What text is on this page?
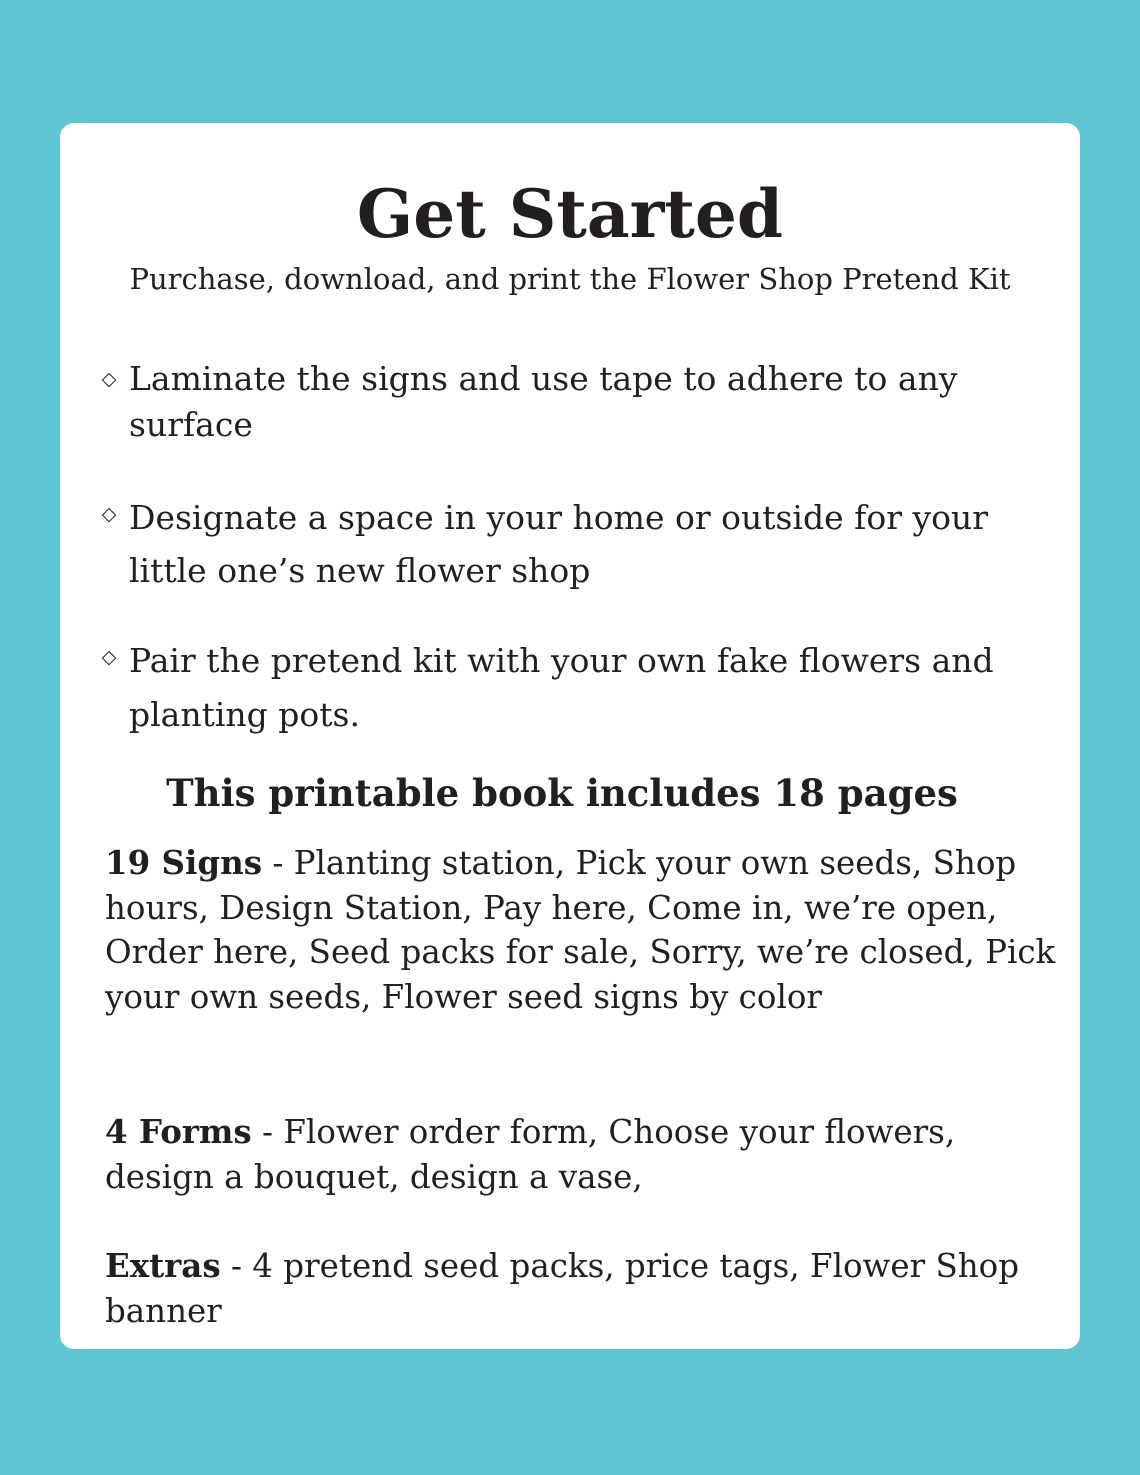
Get Started

Purchase, download, and print the Flower Shop Pretend Kit

◇ Laminate the signs and use tape to adhere to any surface
◇ Designate a space in your home or outside for your little one’s new flower shop
◇ Pair the pretend kit with your own fake flowers and planting pots.
This printable book includes 18 pages

19 Signs - Planting station, Pick your own seeds, Shop hours, Design Station, Pay here, Come in, we’re open, Order here, Seed packs for sale, Sorry, we’re closed, Pick your own seeds, Flower seed signs by color

4 Forms - Flower order form, Choose your flowers, design a bouquet, design a vase,

Extras - 4 pretend seed packs, price tags, Flower Shop banner
